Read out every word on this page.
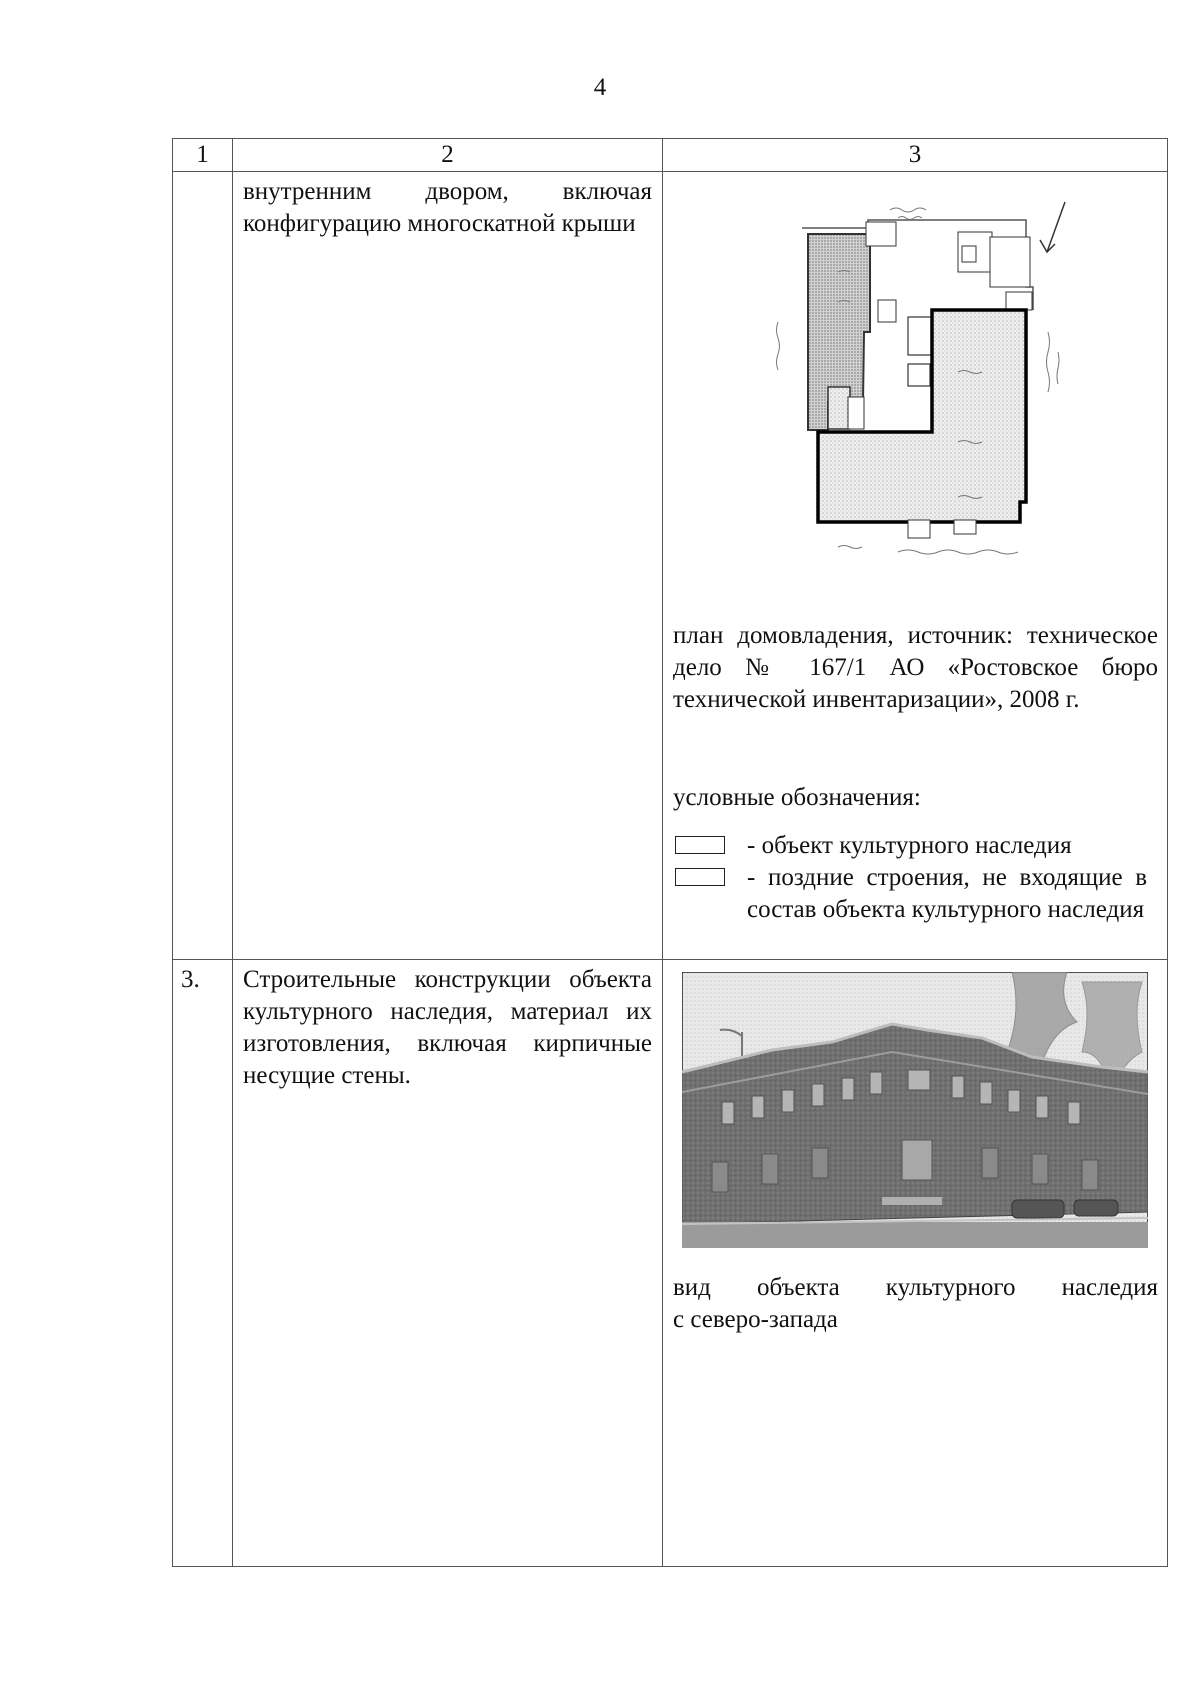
4
1	2	3

	внутренним двором, включая конфигурацию многоскатной крыши	план домовладения, источник: техническое дело № 167/1 АО «Ростовское бюро технической инвентаризации», 2008 г.
условные обозначения:
- объект культурного наследия
- поздние строения, не входящие в состав объекта культурного наследия

3.	Строительные конструкции объекта культурного наследия, материал их изготовления, включая кирпичные несущие стены.	вид объекта культурного наследия
с северо-запада
